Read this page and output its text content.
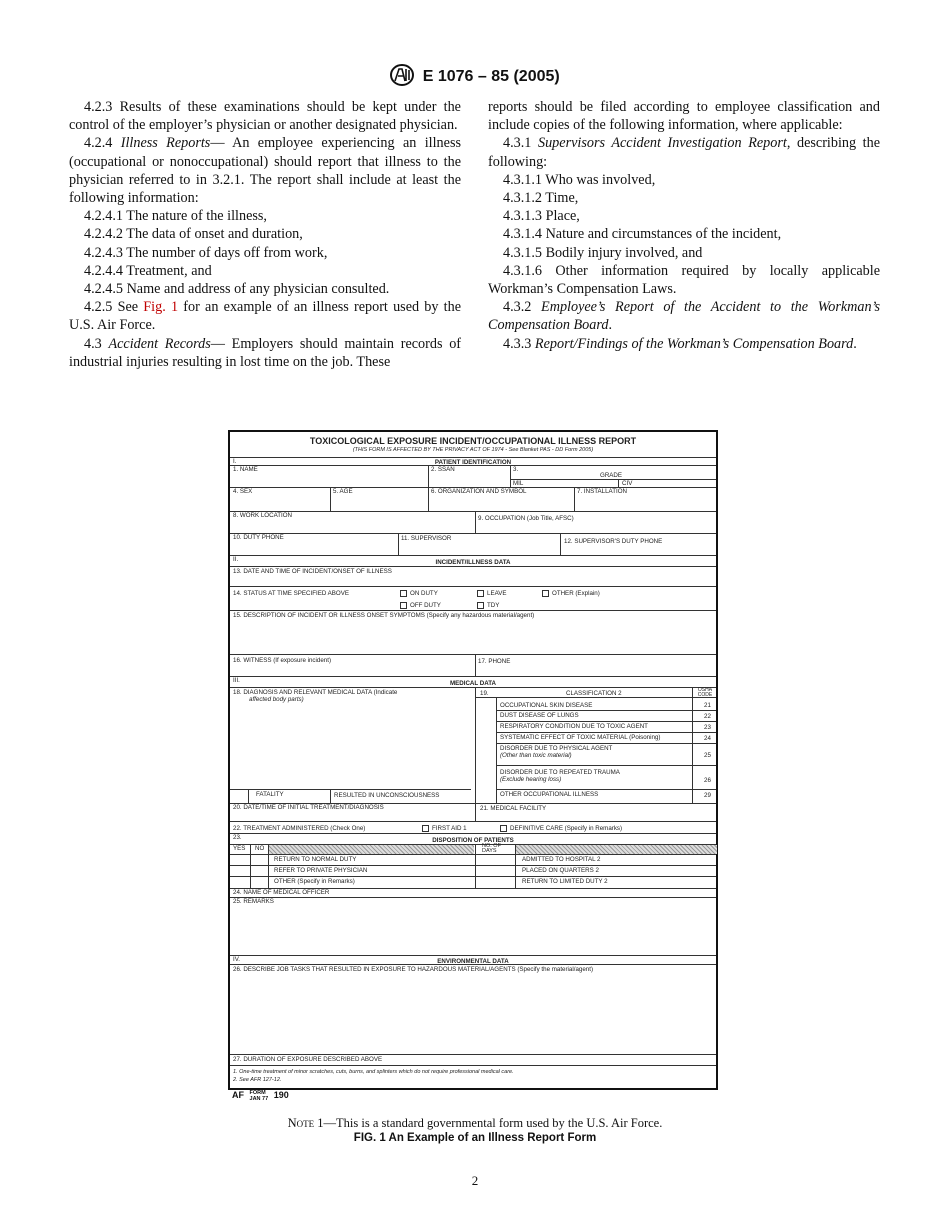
E 1076 – 85 (2005)

4.2.3 Results of these examinations should be kept under the control of the employer’s physician or another designated physician.

4.2.4 Illness Reports— An employee experiencing an illness (occupational or nonoccupational) should report that illness to the physician referred to in 3.2.1. The report shall include at least the following information:

4.2.4.1 The nature of the illness,

4.2.4.2 The data of onset and duration,

4.2.4.3 The number of days off from work,

4.2.4.4 Treatment, and

4.2.4.5 Name and address of any physician consulted.

4.2.5 See Fig. 1 for an example of an illness report used by the U.S. Air Force.

4.3 Accident Records— Employers should maintain records of industrial injuries resulting in lost time on the job. These

reports should be filed according to employee classification and include copies of the following information, where applicable:

4.3.1 Supervisors Accident Investigation Report, describing the following:

4.3.1.1 Who was involved,

4.3.1.2 Time,

4.3.1.3 Place,

4.3.1.4 Nature and circumstances of the incident,

4.3.1.5 Bodily injury involved, and

4.3.1.6 Other information required by locally applicable Workman’s Compensation Laws.

4.3.2 Employee’s Report of the Accident to the Workman’s Compensation Board.

4.3.3 Report/Findings of the Workman’s Compensation Board.

TOXICOLOGICAL EXPOSURE INCIDENT/OCCUPATIONAL ILLNESS REPORT
(THIS FORM IS AFFECTED BY THE PRIVACY ACT OF 1974 - See Blanket PAS - DD Form 2005)
I.	PATIENT IDENTIFICATION
1. NAME	2. SSAN	3.
GRADE
MIL	CIV
4. SEX	5. AGE	6. ORGANIZATION AND SYMBOL	7. INSTALLATION
8. WORK LOCATION	9. OCCUPATION (Job Title, AFSC)
10. DUTY PHONE	11. SUPERVISOR	12. SUPERVISOR'S DUTY PHONE
II.	INCIDENT/ILLNESS DATA
13. DATE AND TIME OF INCIDENT/ONSET OF ILLNESS
14. STATUS AT TIME SPECIFIED ABOVE	ON DUTY	LEAVE	OTHER (Explain)
OFF DUTY	TDY
15. DESCRIPTION OF INCIDENT OR ILLNESS ONSET SYMPTOMS (Specify any hazardous material/agent)
16. WITNESS (If exposure incident)	17. PHONE
III.	MEDICAL DATA
18. DIAGNOSIS AND RELEVANT MEDICAL DATA (Indicate
affected body parts)
19.	CLASSIFICATION 2	OSHA CODE
OCCUPATIONAL SKIN DISEASE	21
DUST DISEASE OF LUNGS	22
RESPIRATORY CONDITION DUE TO TOXIC AGENT	23
SYSTEMATIC EFFECT OF TOXIC MATERIAL (Poisoning)	24
DISORDER DUE TO PHYSICAL AGENT
(Other than toxic material)	25
DISORDER DUE TO REPEATED TRAUMA
(Exclude hearing loss)	26
OTHER OCCUPATIONAL ILLNESS	29
FATALITY	RESULTED IN UNCONSCIOUSNESS
20. DATE/TIME OF INITIAL TREATMENT/DIAGNOSIS	21. MEDICAL FACILITY
22. TREATMENT ADMINISTERED (Check One)	FIRST AID 1	DEFINITIVE CARE (Specify in Remarks)
23.	DISPOSITION OF PATIENTS
YES NO	NO. OF DAYS
RETURN TO NORMAL DUTY	ADMITTED TO HOSPITAL 2
REFER TO PRIVATE PHYSICIAN	PLACED ON QUARTERS 2
OTHER (Specify in Remarks)	RETURN TO LIMITED DUTY 2
24. NAME OF MEDICAL OFFICER
25. REMARKS
IV.	ENVIRONMENTAL DATA
26. DESCRIBE JOB TASKS THAT RESULTED IN EXPOSURE TO HAZARDOUS MATERIAL/AGENTS (Specify the material/agent)
27. DURATION OF EXPOSURE DESCRIBED ABOVE
1. One-time treatment of minor scratches, cuts, burns, and splinters which do not require professional medical care.
2. See AFR 127-12.
AF FORM
JAN 77 190
Note 1—This is a standard governmental form used by the U.S. Air Force.
FIG. 1 An Example of an Illness Report Form
2
